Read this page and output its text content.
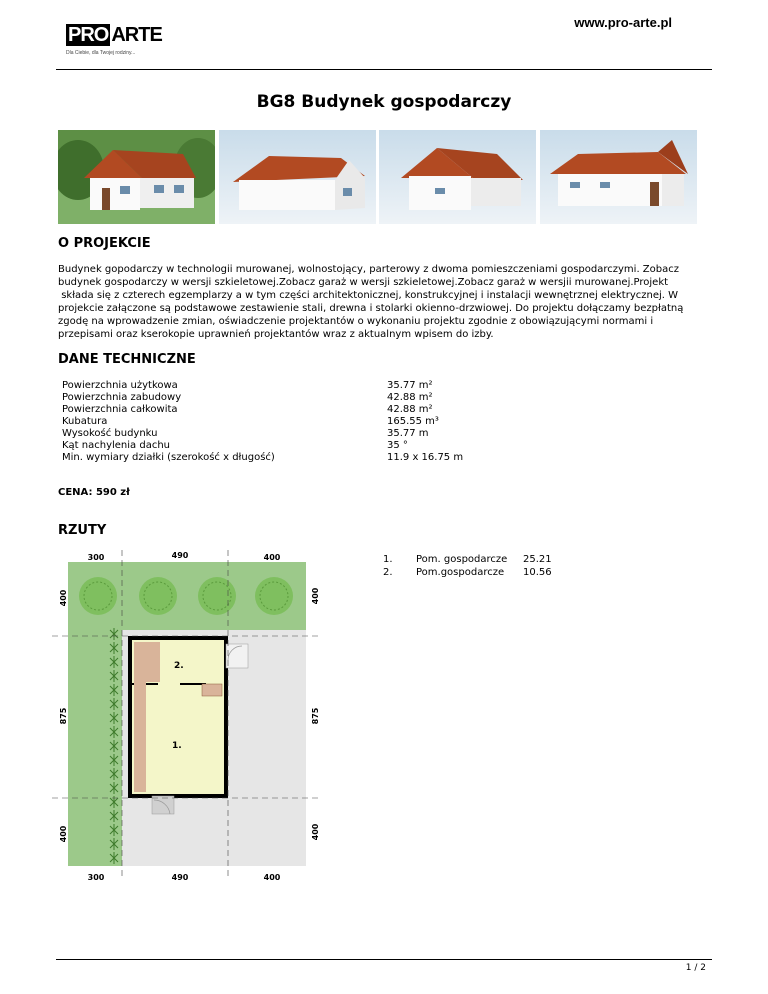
www.pro-arte.pl
PRO ARTE
Dla Ciebie, dla Twojej rodziny...
BG8 Budynek gospodarczy
O PROJEKCIE
Budynek gopodarczy w technologii murowanej, wolnostojący, parterowy z dwoma pomieszczeniami gospodarczymi. Zobacz
budynek gospodarczy w wersji szkieletowej.Zobacz garaż w wersji szkieletowej.Zobacz garaż w wersjii murowanej.Projekt
składa się z czterech egzemplarzy a w tym części architektonicznej, konstrukcyjnej i instalacji wewnętrznej elektrycznej. W
projekcie załączone są podstawowe zestawienie stali, drewna i stolarki okienno-drzwiowej. Do projektu dołączamy bezpłatną
zgodę na wprowadzenie zmian, oświadczenie projektantów o wykonaniu projektu zgodnie z obowiązującymi normami i
przepisami oraz kserokopie uprawnień projektantów wraz z aktualnym wpisem do izby.
DANE TECHNICZNE
Powierzchnia użytkowa	35.77 m²
Powierzchnia zabudowy	42.88 m²
Powierzchnia całkowita	42.88 m²
Kubatura	165.55 m³
Wysokość budynku	35.77 m
Kąt nachylenia dachu	35 °
Min. wymiary działki (szerokość x długość)	11.9 x 16.75 m
CENA: 590 zł
RZUTY
2.
1.
300	490	400
300	490	400
400
875
400
400
875
400
1.	Pom. gospodarcze	25.21
2.	Pom.gospodarcze	10.56
1 / 2
